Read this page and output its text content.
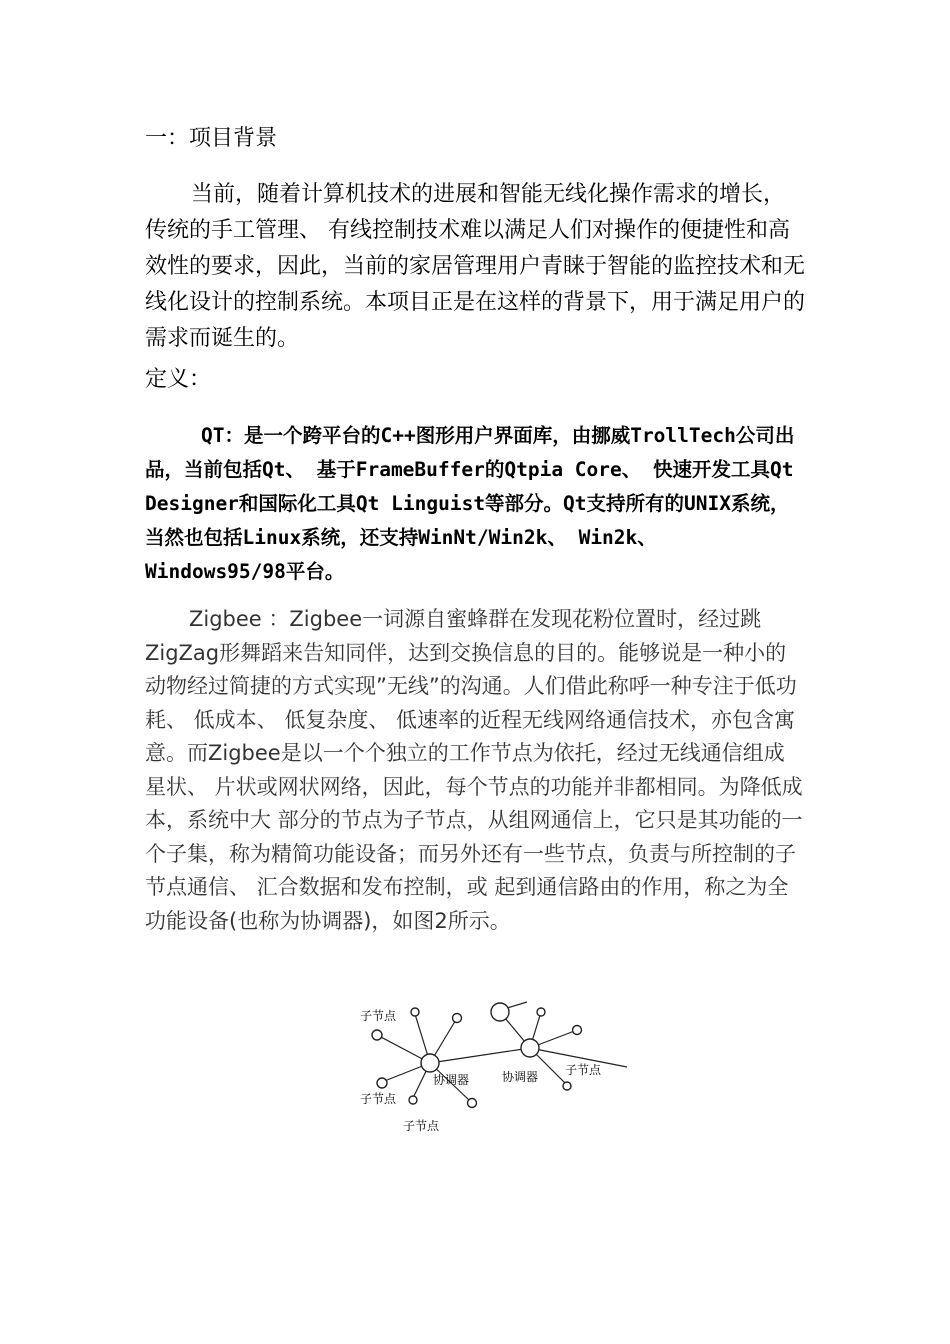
一：项目背景
当前，随着计算机技术的进展和智能无线化操作需求的增长，传统的手工管理、 有线控制技术难以满足人们对操作的便捷性和高效性的要求，因此，当前的家居管理用户青睐于智能的监控技术和无线化设计的控制系统。本项目正是在这样的背景下，用于满足用户的需求而诞生的。
定义：
QT：是一个跨平台的C++图形用户界面库，由挪威TrollTech公司出品，当前包括Qt、 基于FrameBuffer的Qtpia Core、 快速开发工具Qt Designer和国际化工具Qt Linguist等部分。Qt支持所有的UNIX系统，当然也包括Linux系统，还支持WinNt/Win2k、 Win2k、 Windows95/98平台。
Zigbee ：Zigbee一词源自蜜蜂群在发现花粉位置时，经过跳ZigZag形舞蹈来告知同伴，达到交换信息的目的。能够说是一种小的动物经过简捷的方式实现”无线”的沟通。人们借此称呼一种专注于低功耗、 低成本、 低复杂度、 低速率的近程无线网络通信技术，亦包含寓意。而Zigbee是以一个个独立的工作节点为依托，经过无线通信组成星状、 片状或网状网络，因此，每个节点的功能并非都相同。为降低成本，系统中大 部分的节点为子节点，从组网通信上，它只是其功能的一个子集，称为精简功能设备；而另外还有一些节点，负责与所控制的子节点通信、 汇合数据和发布控制，或 起到通信路由的作用，称之为全功能设备(也称为协调器)，如图2所示。
子节点
子节点
子节点
子节点
协调器	协调器
